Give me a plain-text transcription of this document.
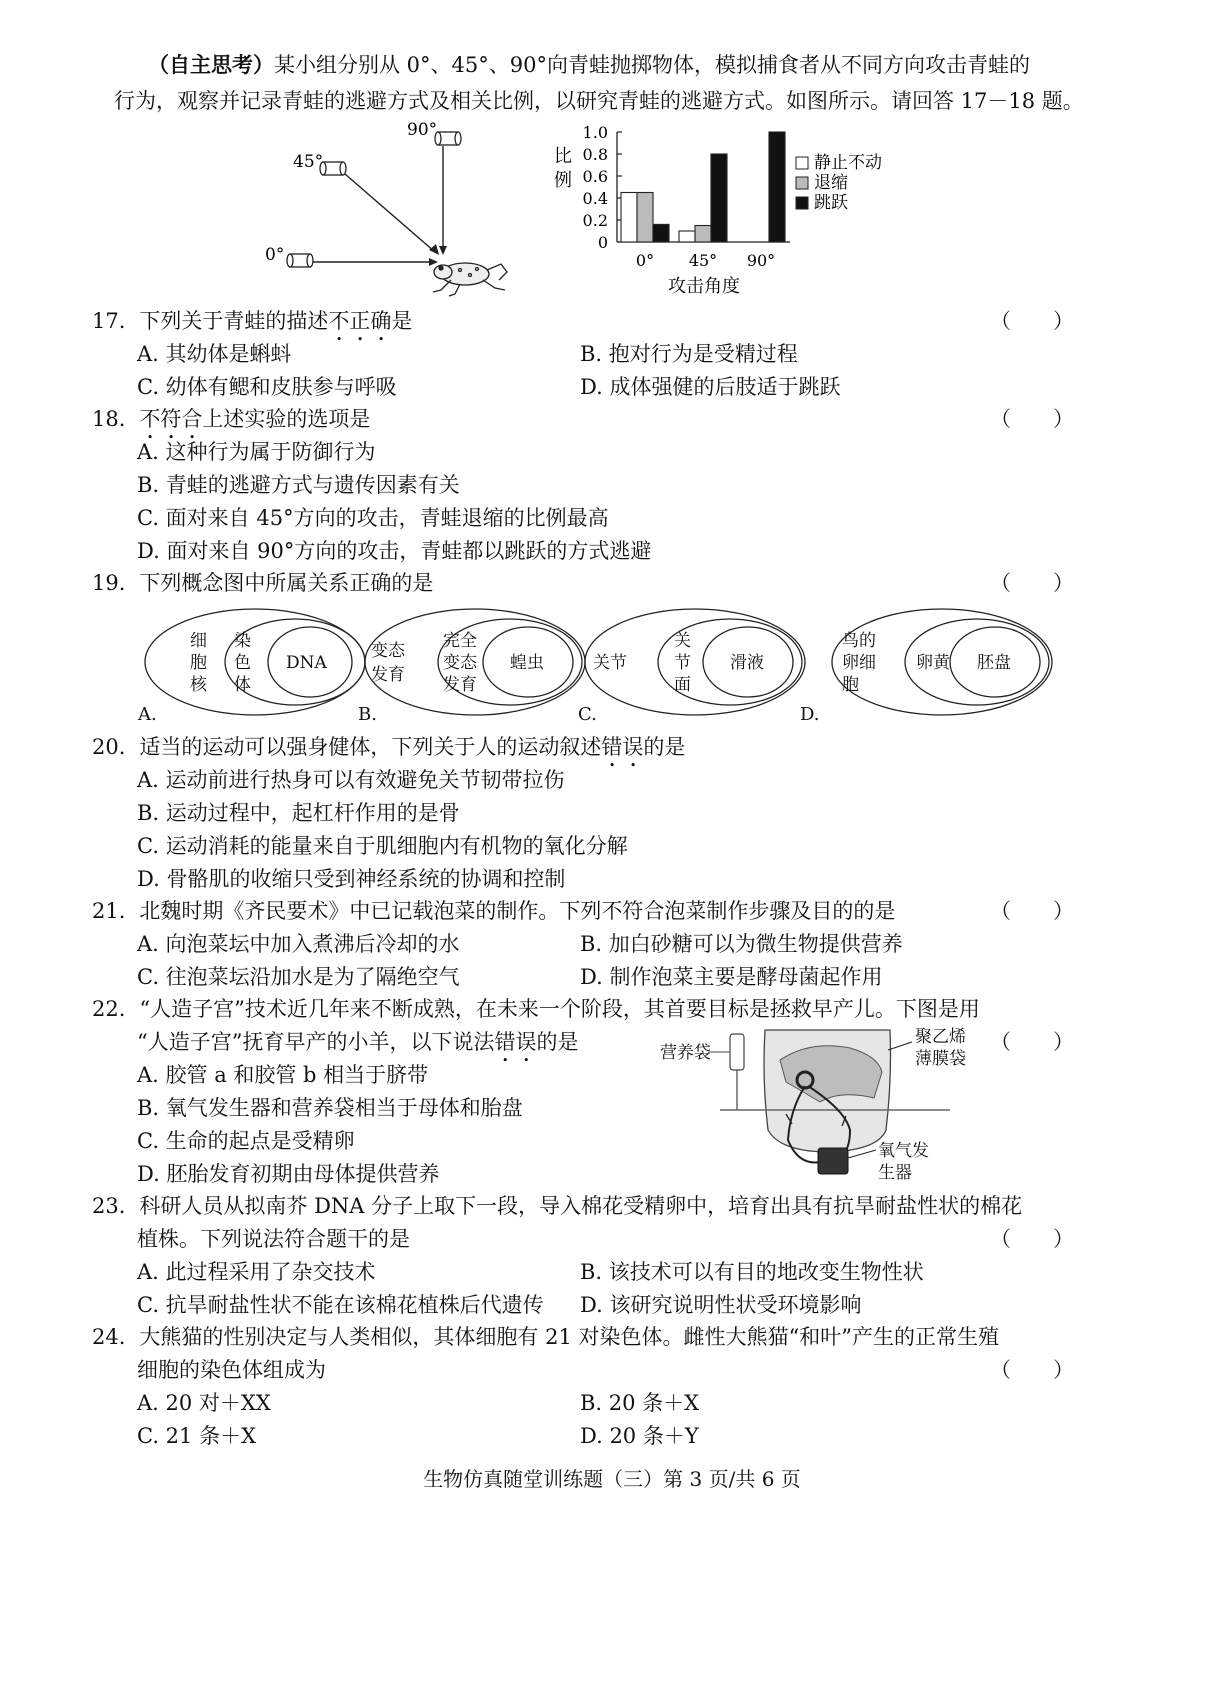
（自主思考）某小组分别从 0°、45°、90°向青蛙抛掷物体，模拟捕食者从不同方向攻击青蛙的
行为，观察并记录青蛙的逃避方式及相关比例，以研究青蛙的逃避方式。如图所示。请回答 17－18 题。
90°
45°
0°
比
例
1.0
0.8
0.6
0.4
0.2
0
0° 45° 90°
攻击角度
静止不动
退缩
跳跃
17. 下列关于青蛙的描述不正确是	（　　）
A. 其幼体是蝌蚪	B. 抱对行为是受精过程
C. 幼体有鳃和皮肤参与呼吸	D. 成体强健的后肢适于跳跃
18. 不符合上述实验的选项是	（　　）
A. 这种行为属于防御行为
B. 青蛙的逃避方式与遗传因素有关
C. 面对来自 45°方向的攻击，青蛙退缩的比例最高
D. 面对来自 90°方向的攻击，青蛙都以跳跃的方式逃避
19. 下列概念图中所属关系正确的是	（　　）
细
胞
核
染
色
体
DNA
变态
发育
完全
变态
发育
蝗虫	关节
关
节
面
滑液
鸟的
卵细
胞
卵黄 胚盘
A.	B.	C.	D.
20. 适当的运动可以强身健体，下列关于人的运动叙述错误的是
A. 运动前进行热身可以有效避免关节韧带拉伤
B. 运动过程中，起杠杆作用的是骨
C. 运动消耗的能量来自于肌细胞内有机物的氧化分解
D. 骨骼肌的收缩只受到神经系统的协调和控制
21. 北魏时期《齐民要术》中已记载泡菜的制作。下列不符合泡菜制作步骤及目的的是	（　　）
A. 向泡菜坛中加入煮沸后冷却的水	B. 加白砂糖可以为微生物提供营养
C. 往泡菜坛沿加水是为了隔绝空气	D. 制作泡菜主要是酵母菌起作用
22. “人造子宫”技术近几年来不断成熟，在未来一个阶段，其首要目标是拯救早产儿。下图是用
“人造子宫”抚育早产的小羊，以下说法错误的是	（　　）
A. 胶管 a 和胶管 b 相当于脐带
B. 氧气发生器和营养袋相当于母体和胎盘
C. 生命的起点是受精卵
D. 胚胎发育初期由母体提供营养
营养袋
聚乙烯
薄膜袋
氧气发
生器
23. 科研人员从拟南芥 DNA 分子上取下一段，导入棉花受精卵中，培育出具有抗旱耐盐性状的棉花
植株。下列说法符合题干的是	（　　）
A. 此过程采用了杂交技术	B. 该技术可以有目的地改变生物性状
C. 抗旱耐盐性状不能在该棉花植株后代遗传 D. 该研究说明性状受环境影响
24. 大熊猫的性别决定与人类相似，其体细胞有 21 对染色体。雌性大熊猫“和叶”产生的正常生殖
细胞的染色体组成为	（　　）
A. 20 对＋XX	B. 20 条＋X
C. 21 条＋X	D. 20 条＋Y
生物仿真随堂训练题（三）第 3 页/共 6 页
